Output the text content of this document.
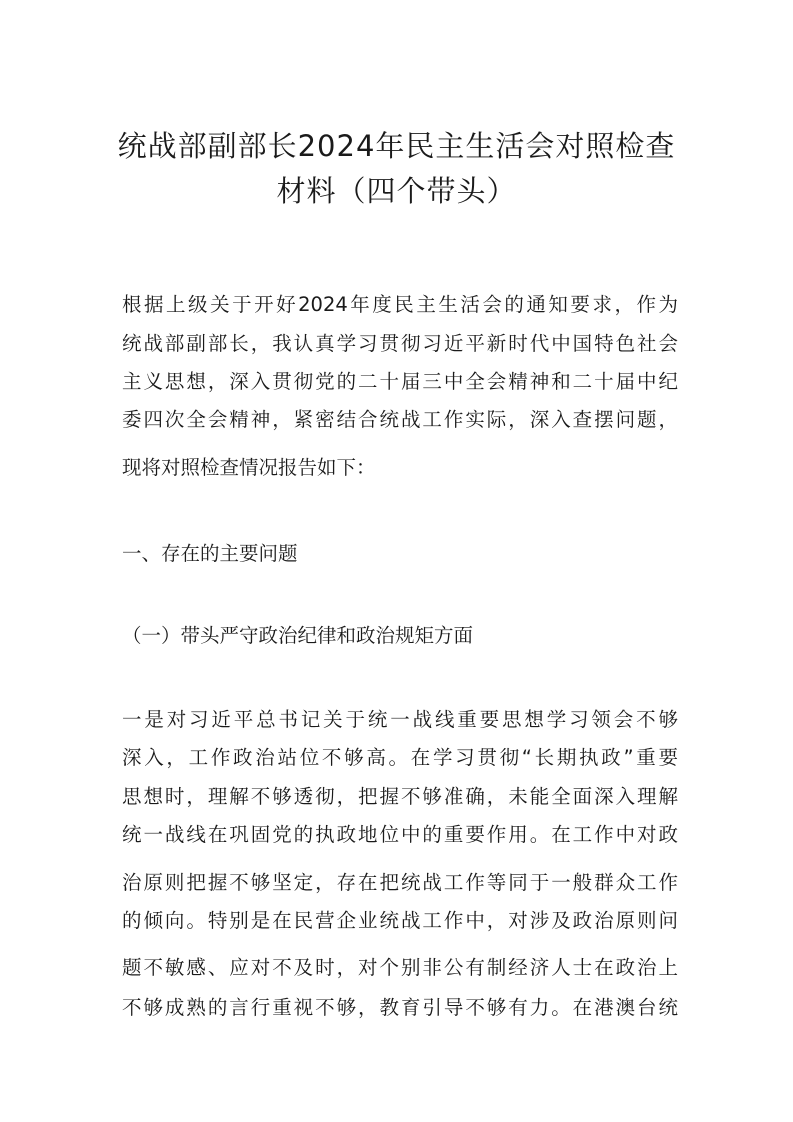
统战部副部长2024年民主生活会对照检查
材料（四个带头）
根据上级关于开好2024年度民主生活会的通知要求，作为
统战部副部长，我认真学习贯彻习近平新时代中国特色社会
主义思想，深入贯彻党的二十届三中全会精神和二十届中纪
委四次全会精神，紧密结合统战工作实际，深入查摆问题，
现将对照检查情况报告如下：
一、存在的主要问题
（一）带头严守政治纪律和政治规矩方面
一是对习近平总书记关于统一战线重要思想学习领会不够
深入，工作政治站位不够高。在学习贯彻“长期执政”重要
思想时，理解不够透彻，把握不够准确，未能全面深入理解
统一战线在巩固党的执政地位中的重要作用。在工作中对政
治原则把握不够坚定，存在把统战工作等同于一般群众工作
的倾向。特别是在民营企业统战工作中，对涉及政治原则问
题不敏感、应对不及时，对个别非公有制经济人士在政治上
不够成熟的言行重视不够，教育引导不够有力。在港澳台统
